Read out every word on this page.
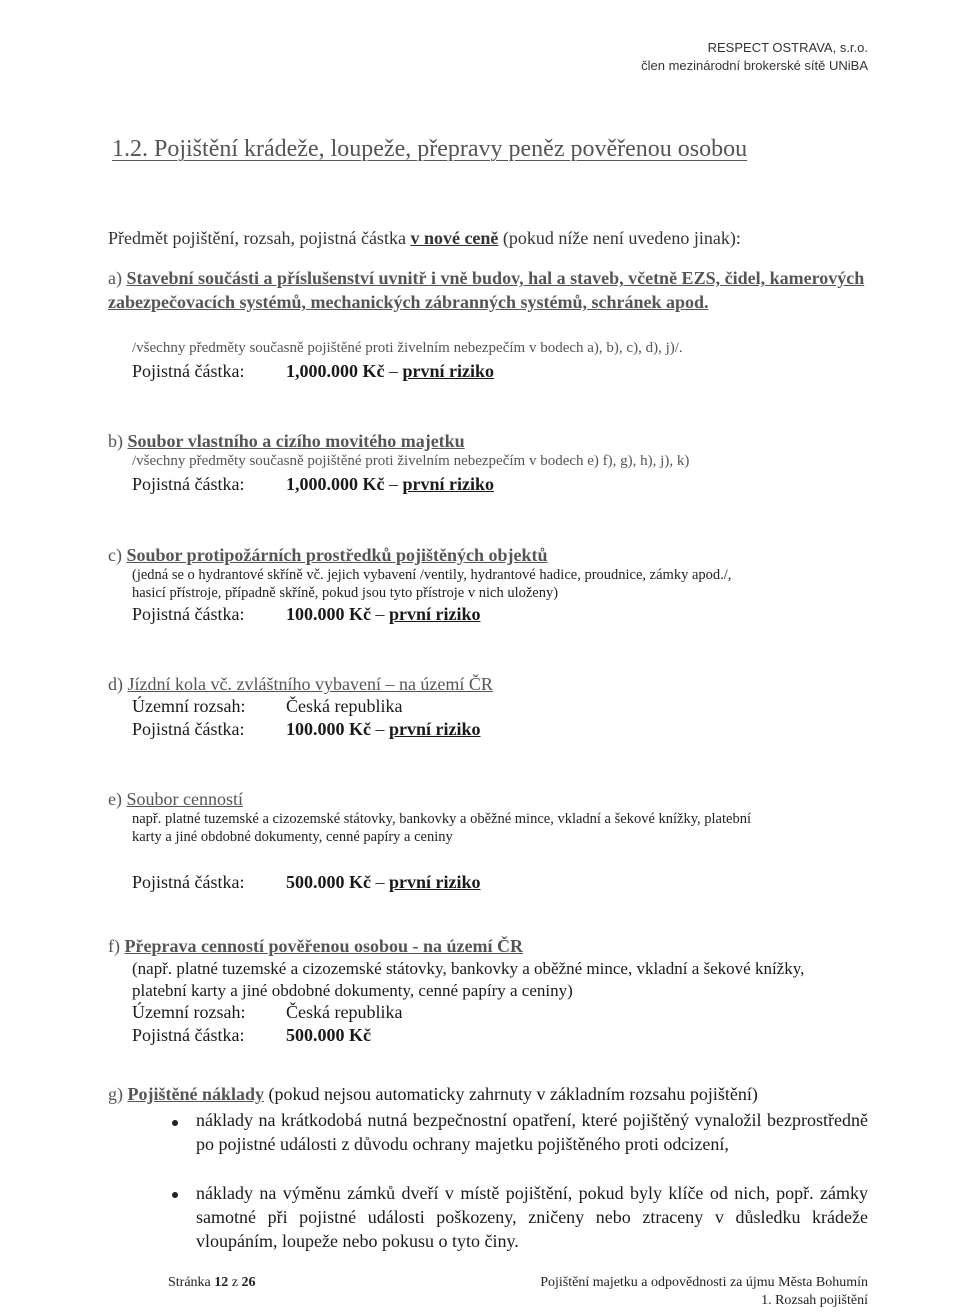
RESPECT OSTRAVA, s.r.o.
člen mezinárodní brokerské sítě UNiBA
1.2. Pojištění krádeže, loupeže, přepravy peněz pověřenou osobou
Předmět pojištění, rozsah, pojistná částka v nové ceně (pokud níže není uvedeno jinak):
a) Stavební součásti a příslušenství uvnitř i vně budov, hal a staveb, včetně EZS, čidel, kamerových zabezpečovacích systémů, mechanických zábranných systémů, schránek apod.
/všechny předměty současně pojištěné proti živelním nebezpečím v bodech a), b), c), d), j)/.
Pojistná částka: 1,000.000 Kč – první riziko
b) Soubor vlastního a cizího movitého majetku
/všechny předměty současně pojištěné proti živelním nebezpečím v bodech e) f), g), h), j), k)
Pojistná částka: 1,000.000 Kč – první riziko
c) Soubor protipožárních prostředků pojištěných objektů
(jedná se o hydrantové skříně vč. jejich vybavení /ventily, hydrantové hadice, proudnice, zámky apod./,
hasicí přístroje, případně skříně, pokud jsou tyto přístroje v nich uloženy)
Pojistná částka: 100.000 Kč – první riziko
d) Jízdní kola vč. zvláštního vybavení – na území ČR
Územní rozsah: Česká republika
Pojistná částka: 100.000 Kč – první riziko
e) Soubor cenností
např. platné tuzemské a cizozemské státovky, bankovky a oběžné mince, vkladní a šekové knížky, platební
karty a jiné obdobné dokumenty, cenné papíry a ceniny
Pojistná částka: 500.000 Kč – první riziko
f) Přeprava cenností pověřenou osobou - na území ČR
(např. platné tuzemské a cizozemské státovky, bankovky a oběžné mince, vkladní a šekové knížky,
platební karty a jiné obdobné dokumenty, cenné papíry a ceniny)
Územní rozsah: Česká republika
Pojistná částka: 500.000 Kč
g) Pojištěné náklady (pokud nejsou automaticky zahrnuty v základním rozsahu pojištění)
náklady na krátkodobá nutná bezpečnostní opatření, které pojištěný vynaložil bezprostředně po pojistné události z důvodu ochrany majetku pojištěného proti odcizení,
náklady na výměnu zámků dveří v místě pojištění, pokud byly klíče od nich, popř. zámky samotné při pojistné události poškozeny, zničeny nebo ztraceny v důsledku krádeže vloupáním, loupeže nebo pokusu o tyto činy.
Stránka 12 z 26	Pojištění majetku a odpovědnosti za újmu Města Bohumín
1. Rozsah pojištění
